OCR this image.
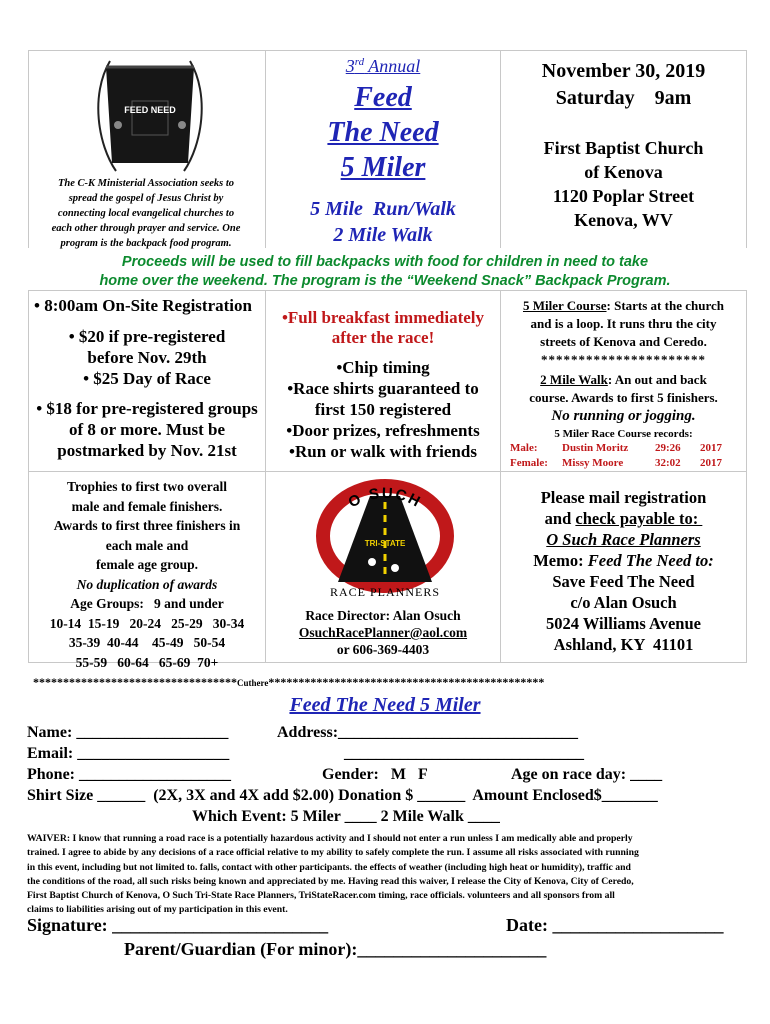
FEED NEED
The C-K Ministerial Association seeks to
spread the gospel of Jesus Christ by
connecting local evangelical churches to
each other through prayer and service. One
program is the backpack food program.
3rd Annual
Feed
The Need
5 Miler
5 Mile  Run/Walk
2 Mile Walk
November 30, 2019
Saturday    9am
First Baptist Church
of Kenova
1120 Poplar Street
Kenova, WV
Proceeds will be used to fill backpacks with food for children in need to take
home over the weekend. The program is the “Weekend Snack” Backpack Program.
• 8:00am On-Site Registration
• $20 if pre-registered
before Nov. 29th
• $25 Day of Race
• $18 for pre-registered groups
of 8 or more. Must be
postmarked by Nov. 21st
•Full breakfast immediately
after the race!
•Chip timing
•Race shirts guaranteed to
first 150 registered
•Door prizes, refreshments
•Run or walk with friends
5 Miler Course: Starts at the church
and is a loop. It runs thru the city
streets of Kenova and Ceredo.
**********************
2 Mile Walk: An out and back
course. Awards to first 5 finishers.
No running or jogging.
5 Miler Race Course records:
Male: Dustin Moritz 29:26 2017
Female: Missy Moore	32:02 2017
Trophies to first two overall
male and female finishers.
Awards to first three finishers in
each male and
female age group.
No duplication of awards
Age Groups:   9 and under
10-14  15-19   20-24   25-29   30-34
35-39  40-44    45-49   50-54
55-59   60-64   65-69  70+
O SUCH
TRI-STATE
RACE PLANNERS
Race Director: Alan Osuch
OsuchRacePlanner@aol.com
or 606-369-4403
Please mail registration
and check payable to:
O Such Race Planners
Memo: Feed The Need to:
Save Feed The Need
c/o Alan Osuch
5024 Williams Avenue
Ashland, KY  41101
**********************************Cuthere**********************************************
Feed The Need 5 Miler
Name: ___________________	Address:______________________________
Email: ___________________	______________________________
Phone: ___________________	Gender:   M   F	Age on race day: ____
Shirt Size ______  (2X, 3X and 4X add $2.00) Donation $ ______  Amount Enclosed$_______
Which Event: 5 Miler ____ 2 Mile Walk ____
WAIVER: I know that running a road race is a potentially hazardous activity and I should not enter a run unless I am medically able and properly
trained. I agree to abide by any decisions of a race official relative to my ability to safely complete the run. I assume all risks associated with running
in this event, including but not limited to. falls, contact with other participants. the effects of weather (including high heat or humidity), traffic and
the conditions of the road, all such risks being known and appreciated by me. Having read this waiver, I release the City of Kenova, City of Ceredo,
First Baptist Church of Kenova, O Such Tri-State Race Planners, TriStateRacer.com timing, race officials. volunteers and all sponsors from all
claims to liabilities arising out of my participation in this event.
Signature: ________________________	Date: ___________________
Parent/Guardian (For minor):_____________________
